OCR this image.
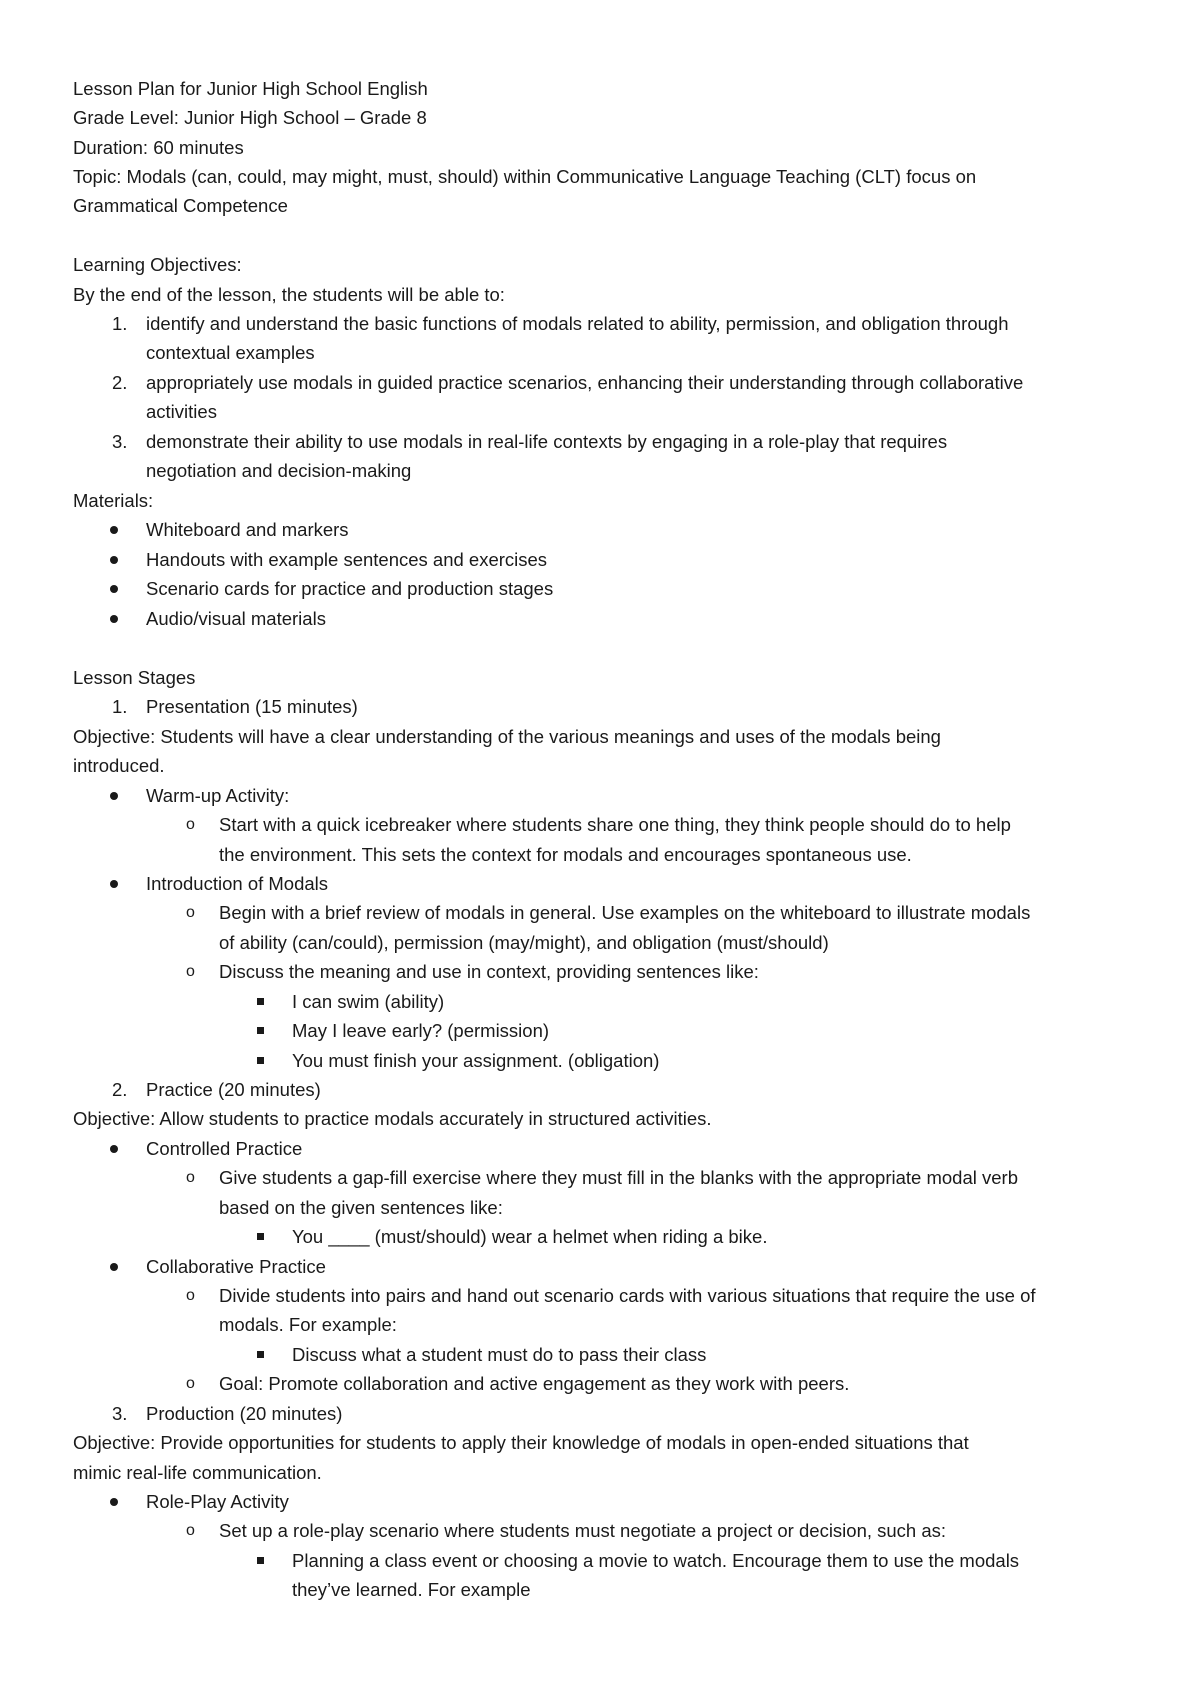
Lesson Plan for Junior High School English
Grade Level: Junior High School – Grade 8
Duration: 60 minutes
Topic: Modals (can, could, may might, must, should) within Communicative Language Teaching (CLT) focus on
Grammatical Competence
Learning Objectives:
By the end of the lesson, the students will be able to:
1. identify and understand the basic functions of modals related to ability, permission, and obligation through
contextual examples
2. appropriately use modals in guided practice scenarios, enhancing their understanding through collaborative
activities
3. demonstrate their ability to use modals in real-life contexts by engaging in a role-play that requires
negotiation and decision-making
Materials:
Whiteboard and markers
Handouts with example sentences and exercises
Scenario cards for practice and production stages
Audio/visual materials
Lesson Stages
1. Presentation (15 minutes)
Objective: Students will have a clear understanding of the various meanings and uses of the modals being
introduced.
Warm-up Activity:
o Start with a quick icebreaker where students share one thing, they think people should do to help
the environment. This sets the context for modals and encourages spontaneous use.
Introduction of Modals
o Begin with a brief review of modals in general. Use examples on the whiteboard to illustrate modals
of ability (can/could), permission (may/might), and obligation (must/should)
o Discuss the meaning and use in context, providing sentences like:
I can swim (ability)
May I leave early? (permission)
You must finish your assignment. (obligation)
2. Practice (20 minutes)
Objective: Allow students to practice modals accurately in structured activities.
Controlled Practice
o Give students a gap-fill exercise where they must fill in the blanks with the appropriate modal verb
based on the given sentences like:
You ____ (must/should) wear a helmet when riding a bike.
Collaborative Practice
o Divide students into pairs and hand out scenario cards with various situations that require the use of
modals. For example:
Discuss what a student must do to pass their class
o Goal: Promote collaboration and active engagement as they work with peers.
3. Production (20 minutes)
Objective: Provide opportunities for students to apply their knowledge of modals in open-ended situations that
mimic real-life communication.
Role-Play Activity
o Set up a role-play scenario where students must negotiate a project or decision, such as:
Planning a class event or choosing a movie to watch. Encourage them to use the modals
they’ve learned. For example
